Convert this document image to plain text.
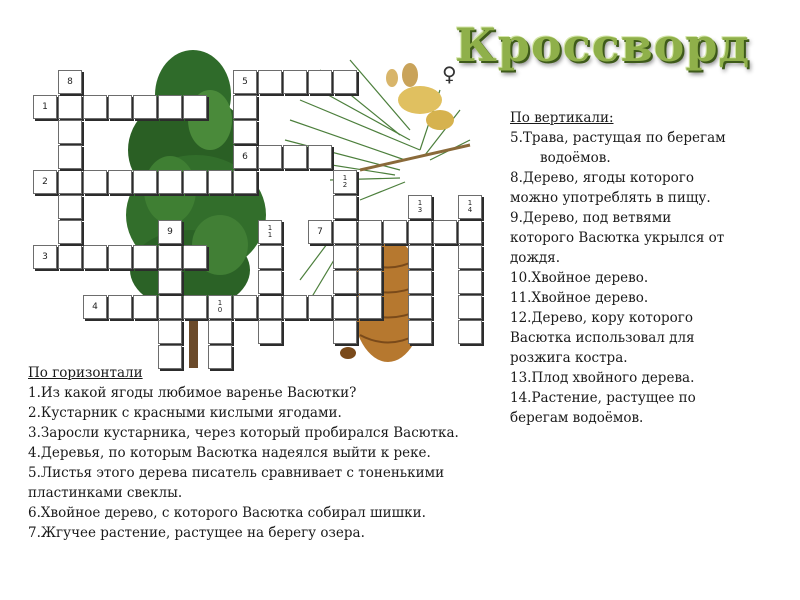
Кроссворд
♀
1
2
3
4	1
0
5
6
7
8
9	1
1
1
2
1
3
1
4
По вертикали:
5.Трава, растущая по берегам
водоёмов.
8.Дерево, ягоды которого
можно употреблять в пищу.
9.Дерево, под ветвями
которого Васютка укрылся от
дождя.
10.Хвойное дерево.
11.Хвойное дерево.
12.Дерево, кору которого
Васютка использовал для
розжига костра.
13.Плод хвойного дерева.
14.Растение, растущее по
берегам водоёмов.
По горизонтали
1.Из какой ягоды любимое варенье Васютки?
2.Кустарник с красными кислыми ягодами.
3.Заросли кустарника, через который пробирался Васютка.
4.Деревья, по которым Васютка надеялся выйти к реке.
5.Листья этого дерева писатель сравнивает с тоненькими
пластинками свеклы.
6.Хвойное дерево, с которого Васютка собирал шишки.
7.Жгучее растение, растущее на берегу озера.
